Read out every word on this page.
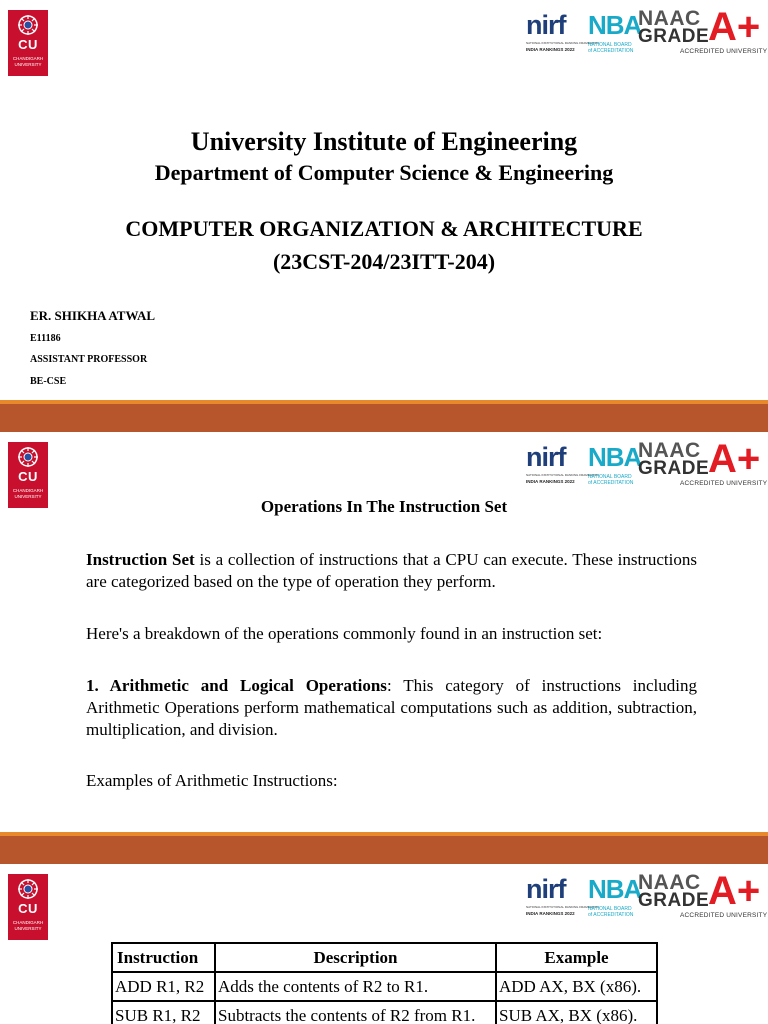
CU
CHANDIGARH UNIVERSITY
nirf
NATIONAL INSTITUTIONAL RANKING FRAMEWORK
INDIA RANKINGS 2022
NBA
NATIONAL BOARD of ACCREDITATION
NAAC
GRADE
A+
ACCREDITED UNIVERSITY
University Institute of Engineering
Department of Computer Science & Engineering
COMPUTER ORGANIZATION & ARCHITECTURE
(23CST-204/23ITT-204)
ER. SHIKHA ATWAL
E11186
ASSISTANT PROFESSOR
BE-CSE
CU
CHANDIGARH UNIVERSITY
nirf
NATIONAL INSTITUTIONAL RANKING FRAMEWORK
INDIA RANKINGS 2022
NBA
NATIONAL BOARD of ACCREDITATION
NAAC
GRADE
A+
ACCREDITED UNIVERSITY
Operations In The Instruction Set

Instruction Set is a collection of instructions that a CPU can execute. These instructions are categorized based on the type of operation they perform.

Here's a breakdown of the operations commonly found in an instruction set:

1. Arithmetic and Logical Operations: This category of instructions including Arithmetic Operations perform mathematical computations such as addition, subtraction, multiplication, and division.

Examples of Arithmetic Instructions:

CU
CHANDIGARH UNIVERSITY
nirf
NATIONAL INSTITUTIONAL RANKING FRAMEWORK
INDIA RANKINGS 2022
NBA
NATIONAL BOARD of ACCREDITATION
NAAC
GRADE
A+
ACCREDITED UNIVERSITY
Instruction	Description	Example
ADD R1, R2	Adds the contents of R2 to R1.	ADD AX, BX (x86).
SUB R1, R2	Subtracts the contents of R2 from R1.	SUB AX, BX (x86).
